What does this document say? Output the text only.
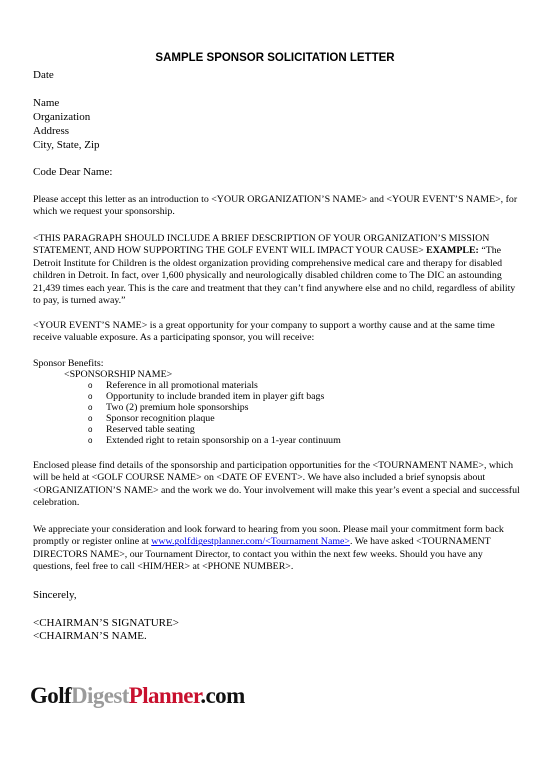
SAMPLE SPONSOR SOLICITATION LETTER
Date
Name
Organization
Address
City, State, Zip
Code Dear Name:

Please accept this letter as an introduction to <YOUR ORGANIZATION’S NAME> and <YOUR EVENT’S NAME>, for which we request your sponsorship.

<THIS PARAGRAPH SHOULD INCLUDE A BRIEF DESCRIPTION OF YOUR ORGANIZATION’S MISSION STATEMENT, AND HOW SUPPORTING THE GOLF EVENT WILL IMPACT YOUR CAUSE> EXAMPLE: “The Detroit Institute for Children is the oldest organization providing comprehensive medical care and therapy for disabled children in Detroit. In fact, over 1,600 physically and neurologically disabled children come to The DIC an astounding 21,439 times each year. This is the care and treatment that they can’t find anywhere else and no child, regardless of ability to pay, is turned away.”

<YOUR EVENT’S NAME> is a great opportunity for your company to support a worthy cause and at the same time receive valuable exposure. As a participating sponsor, you will receive:

Sponsor Benefits:
<SPONSORSHIP NAME>
o Reference in all promotional materials
o Opportunity to include branded item in player gift bags
o Two (2) premium hole sponsorships
o Sponsor recognition plaque
o Reserved table seating
o Extended right to retain sponsorship on a 1-year continuum

Enclosed please find details of the sponsorship and participation opportunities for the <TOURNAMENT NAME>, which will be held at <GOLF COURSE NAME> on <DATE OF EVENT>. We have also included a brief synopsis about <ORGANIZATION’S NAME> and the work we do. Your involvement will make this year’s event a special and successful celebration.

We appreciate your consideration and look forward to hearing from you soon. Please mail your commitment form back promptly or register online at www.golfdigestplanner.com/<Tournament Name>. We have asked <TOURNAMENT DIRECTORS NAME>, our Tournament Director, to contact you within the next few weeks. Should you have any questions, feel free to call <HIM/HER> at <PHONE NUMBER>.

Sincerely,
<CHAIRMAN’S SIGNATURE>
<CHAIRMAN’S NAME.
GolfDigestPlanner.com
